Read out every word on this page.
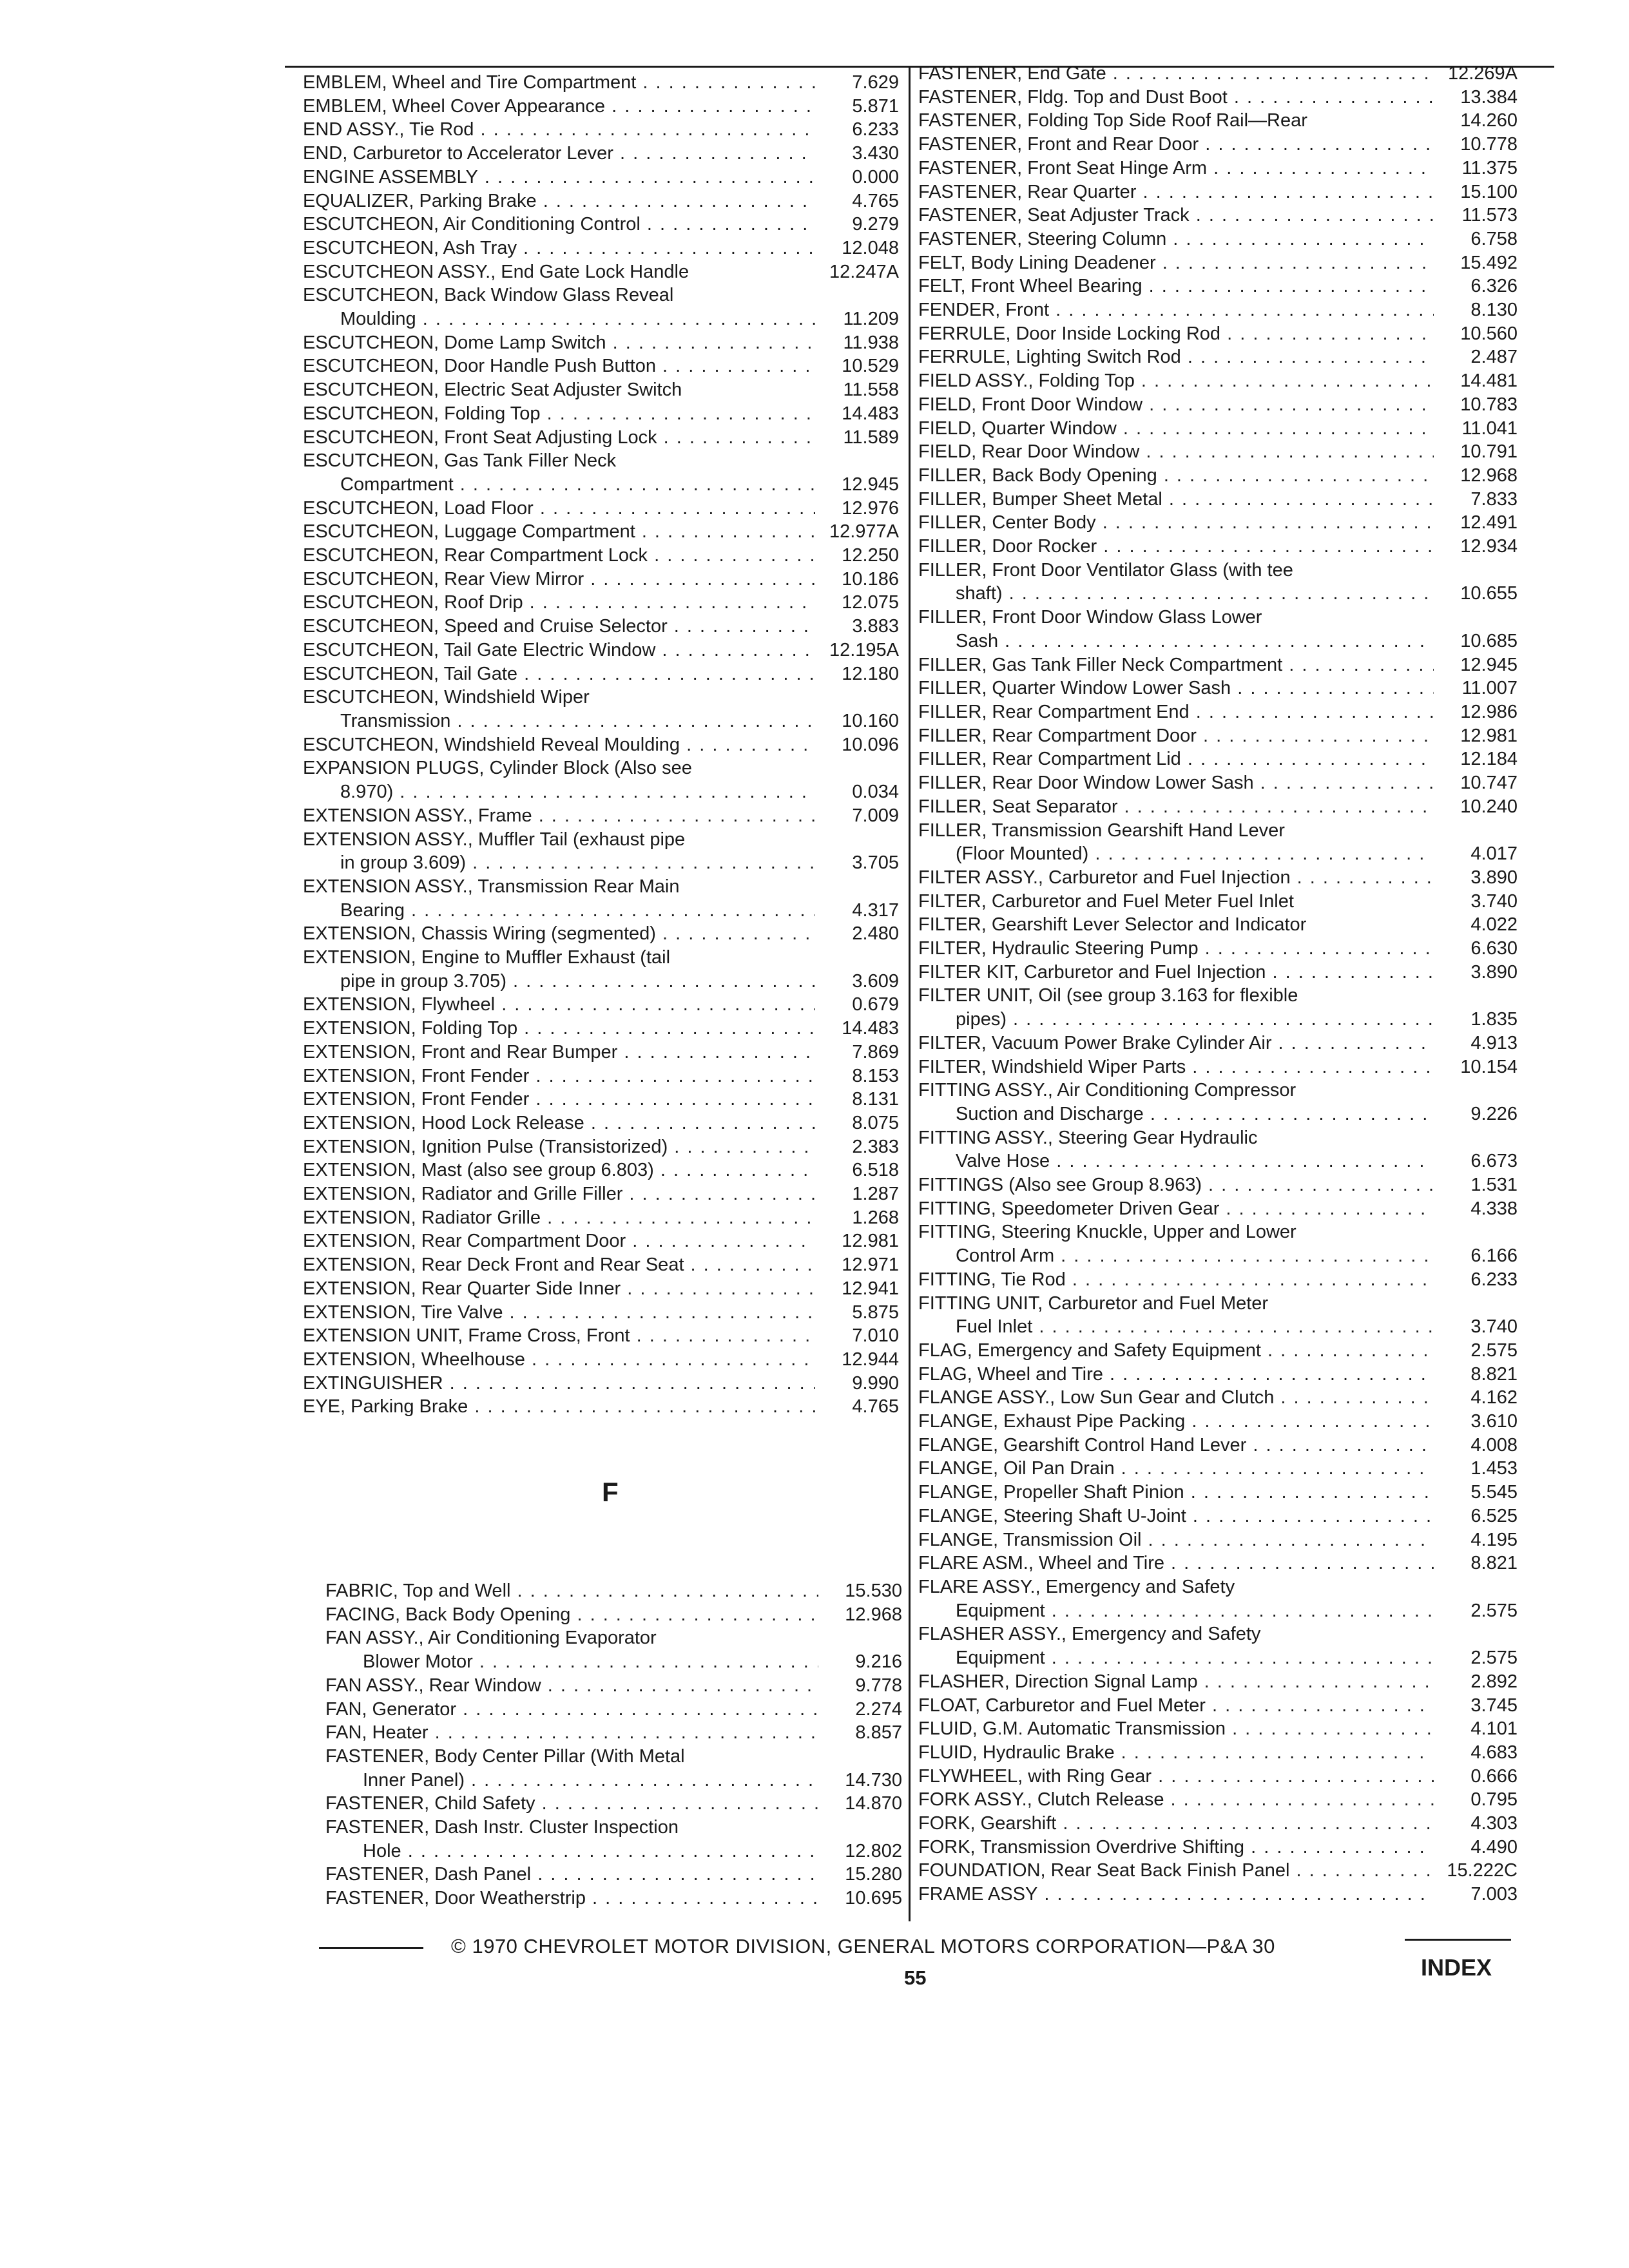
EMBLEM, Wheel and Tire Compartment . . .	7.629
EMBLEM, Wheel Cover Appearance . . .	5.871
END ASSY., Tie Rod . . .	6.233
END, Carburetor to Accelerator Lever . . .	3.430
ENGINE ASSEMBLY . . .	0.000
EQUALIZER, Parking Brake . . .	4.765
ESCUTCHEON, Air Conditioning Control . . .	9.279
ESCUTCHEON, Ash Tray . . .	12.048
ESCUTCHEON ASSY., End Gate Lock Handle	12.247A
ESCUTCHEON, Back Window Glass Reveal
Moulding . . .	11.209
ESCUTCHEON, Dome Lamp Switch . . .	11.938
ESCUTCHEON, Door Handle Push Button . . .	10.529
ESCUTCHEON, Electric Seat Adjuster Switch	11.558
ESCUTCHEON, Folding Top . . .	14.483
ESCUTCHEON, Front Seat Adjusting Lock . . .	11.589
ESCUTCHEON, Gas Tank Filler Neck
Compartment . . .	12.945
ESCUTCHEON, Load Floor . . .	12.976
ESCUTCHEON, Luggage Compartment . . .	12.977A
ESCUTCHEON, Rear Compartment Lock . . .	12.250
ESCUTCHEON, Rear View Mirror . . .	10.186
ESCUTCHEON, Roof Drip . . .	12.075
ESCUTCHEON, Speed and Cruise Selector . . .	3.883
ESCUTCHEON, Tail Gate Electric Window . . .	12.195A
ESCUTCHEON, Tail Gate . . .	12.180
ESCUTCHEON, Windshield Wiper
Transmission . . .	10.160
ESCUTCHEON, Windshield Reveal Moulding . . .	10.096
EXPANSION PLUGS, Cylinder Block (Also see
8.970) . . .	0.034
EXTENSION ASSY., Frame . . .	7.009
EXTENSION ASSY., Muffler Tail (exhaust pipe
in group 3.609) . . .	3.705
EXTENSION ASSY., Transmission Rear Main
Bearing . . .	4.317
EXTENSION, Chassis Wiring (segmented) . . .	2.480
EXTENSION, Engine to Muffler Exhaust (tail
pipe in group 3.705) . . .	3.609
EXTENSION, Flywheel . . .	0.679
EXTENSION, Folding Top . . .	14.483
EXTENSION, Front and Rear Bumper . . .	7.869
EXTENSION, Front Fender . . .	8.153
EXTENSION, Front Fender . . .	8.131
EXTENSION, Hood Lock Release . . .	8.075
EXTENSION, Ignition Pulse (Transistorized) . . .	2.383
EXTENSION, Mast (also see group 6.803) . . .	6.518
EXTENSION, Radiator and Grille Filler . . .	1.287
EXTENSION, Radiator Grille . . .	1.268
EXTENSION, Rear Compartment Door . . .	12.981
EXTENSION, Rear Deck Front and Rear Seat . . .	12.971
EXTENSION, Rear Quarter Side Inner . . .	12.941
EXTENSION, Tire Valve . . .	5.875
EXTENSION UNIT, Frame Cross, Front . . .	7.010
EXTENSION, Wheelhouse . . .	12.944
EXTINGUISHER . . .	9.990
EYE, Parking Brake . . .	4.765
F
FABRIC, Top and Well . . .	15.530
FACING, Back Body Opening . . .	12.968
FAN ASSY., Air Conditioning Evaporator
Blower Motor . . .	9.216
FAN ASSY., Rear Window . . .	9.778
FAN, Generator . . .	2.274
FAN, Heater . . .	8.857
FASTENER, Body Center Pillar (With Metal
Inner Panel) . . .	14.730
FASTENER, Child Safety . . .	14.870
FASTENER, Dash Instr. Cluster Inspection
Hole . . .	12.802
FASTENER, Dash Panel . . .	15.280
FASTENER, Door Weatherstrip . . .	10.695
FASTENER, End Gate . . .	12.269A
FASTENER, Fldg. Top and Dust Boot . . .	13.384
FASTENER, Folding Top Side Roof Rail—Rear	14.260
FASTENER, Front and Rear Door . . .	10.778
FASTENER, Front Seat Hinge Arm . . .	11.375
FASTENER, Rear Quarter . . .	15.100
FASTENER, Seat Adjuster Track . . .	11.573
FASTENER, Steering Column . . .	6.758
FELT, Body Lining Deadener . . .	15.492
FELT, Front Wheel Bearing . . .	6.326
FENDER, Front . . .	8.130
FERRULE, Door Inside Locking Rod . . .	10.560
FERRULE, Lighting Switch Rod . . .	2.487
FIELD ASSY., Folding Top . . .	14.481
FIELD, Front Door Window . . .	10.783
FIELD, Quarter Window . . .	11.041
FIELD, Rear Door Window . . .	10.791
FILLER, Back Body Opening . . .	12.968
FILLER, Bumper Sheet Metal . . .	7.833
FILLER, Center Body . . .	12.491
FILLER, Door Rocker . . .	12.934
FILLER, Front Door Ventilator Glass (with tee
shaft) . . .	10.655
FILLER, Front Door Window Glass Lower
Sash . . .	10.685
FILLER, Gas Tank Filler Neck Compartment . . .	12.945
FILLER, Quarter Window Lower Sash . . .	11.007
FILLER, Rear Compartment End . . .	12.986
FILLER, Rear Compartment Door . . .	12.981
FILLER, Rear Compartment Lid . . .	12.184
FILLER, Rear Door Window Lower Sash . . .	10.747
FILLER, Seat Separator . . .	10.240
FILLER, Transmission Gearshift Hand Lever
(Floor Mounted) . . .	4.017
FILTER ASSY., Carburetor and Fuel Injection . . .	3.890
FILTER, Carburetor and Fuel Meter Fuel Inlet	3.740
FILTER, Gearshift Lever Selector and Indicator	4.022
FILTER, Hydraulic Steering Pump . . .	6.630
FILTER KIT, Carburetor and Fuel Injection . . .	3.890
FILTER UNIT, Oil (see group 3.163 for flexible
pipes) . . .	1.835
FILTER, Vacuum Power Brake Cylinder Air . . .	4.913
FILTER, Windshield Wiper Parts . . .	10.154
FITTING ASSY., Air Conditioning Compressor
Suction and Discharge . . .	9.226
FITTING ASSY., Steering Gear Hydraulic
Valve Hose . . .	6.673
FITTINGS (Also see Group 8.963) . . .	1.531
FITTING, Speedometer Driven Gear . . .	4.338
FITTING, Steering Knuckle, Upper and Lower
Control Arm . . .	6.166
FITTING, Tie Rod . . .	6.233
FITTING UNIT, Carburetor and Fuel Meter
Fuel Inlet . . .	3.740
FLAG, Emergency and Safety Equipment . . .	2.575
FLAG, Wheel and Tire . . .	8.821
FLANGE ASSY., Low Sun Gear and Clutch . . .	4.162
FLANGE, Exhaust Pipe Packing . . .	3.610
FLANGE, Gearshift Control Hand Lever . . .	4.008
FLANGE, Oil Pan Drain . . .	1.453
FLANGE, Propeller Shaft Pinion . . .	5.545
FLANGE, Steering Shaft U-Joint . . .	6.525
FLANGE, Transmission Oil . . .	4.195
FLARE ASM., Wheel and Tire . . .	8.821
FLARE ASSY., Emergency and Safety
Equipment . . .	2.575
FLASHER ASSY., Emergency and Safety
Equipment . . .	2.575
FLASHER, Direction Signal Lamp . . .	2.892
FLOAT, Carburetor and Fuel Meter . . .	3.745
FLUID, G.M. Automatic Transmission . . .	4.101
FLUID, Hydraulic Brake . . .	4.683
FLYWHEEL, with Ring Gear . . .	0.666
FORK ASSY., Clutch Release . . .	0.795
FORK, Gearshift . . .	4.303
FORK, Transmission Overdrive Shifting . . .	4.490
FOUNDATION, Rear Seat Back Finish Panel . . .	15.222C
FRAME ASSY . . .	7.003
© 1970 CHEVROLET MOTOR DIVISION, GENERAL MOTORS CORPORATION—P&A 30
55	INDEX
